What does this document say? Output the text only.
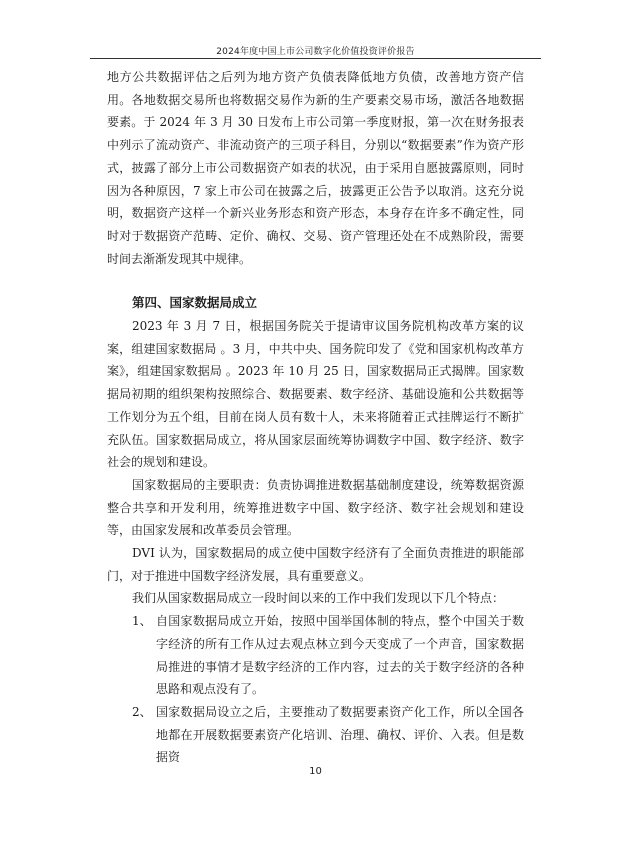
2024年度中国上市公司数字化价值投资评价报告

地方公共数据评估之后列为地方资产负债表降低地方负债，改善地方资产信用。各地数据交易所也将数据交易作为新的生产要素交易市场，激活各地数据要素。于 2024 年 3 月 30 日发布上市公司第一季度财报，第一次在财务报表中列示了流动资产、非流动资产的三项子科目，分别以“数据要素”作为资产形式，披露了部分上市公司数据资产如表的状况，由于采用自愿披露原则，同时因为各种原因，7 家上市公司在披露之后，披露更正公告予以取消。这充分说明，数据资产这样一个新兴业务形态和资产形态，本身存在许多不确定性，同时对于数据资产范畴、定价、确权、交易、资产管理还处在不成熟阶段，需要时间去渐渐发现其中规律。

第四、国家数据局成立

2023 年 3 月 7 日，根据国务院关于提请审议国务院机构改革方案的议案，组建国家数据局 。3 月，中共中央、国务院印发了《党和国家机构改革方案》，组建国家数据局 。2023 年 10 月 25 日，国家数据局正式揭牌。国家数据局初期的组织架构按照综合、数据要素、数字经济、基础设施和公共数据等工作划分为五个组，目前在岗人员有数十人，未来将随着正式挂牌运行不断扩充队伍。国家数据局成立，将从国家层面统筹协调数字中国、数字经济、数字社会的规划和建设。

国家数据局的主要职责：负责协调推进数据基础制度建设，统筹数据资源整合共享和开发利用，统筹推进数字中国、数字经济、数字社会规划和建设等，由国家发展和改革委员会管理。

DVI 认为，国家数据局的成立使中国数字经济有了全面负责推进的职能部门，对于推进中国数字经济发展，具有重要意义。

我们从国家数据局成立一段时间以来的工作中我们发现以下几个特点：

1、 自国家数据局成立开始，按照中国举国体制的特点，整个中国关于数字经济的所有工作从过去观点林立到今天变成了一个声音，国家数据局推进的事情才是数字经济的工作内容，过去的关于数字经济的各种思路和观点没有了。
2、 国家数据局设立之后，主要推动了数据要素资产化工作，所以全国各地都在开展数据要素资产化培训、治理、确权、评价、入表。但是数据资
10
